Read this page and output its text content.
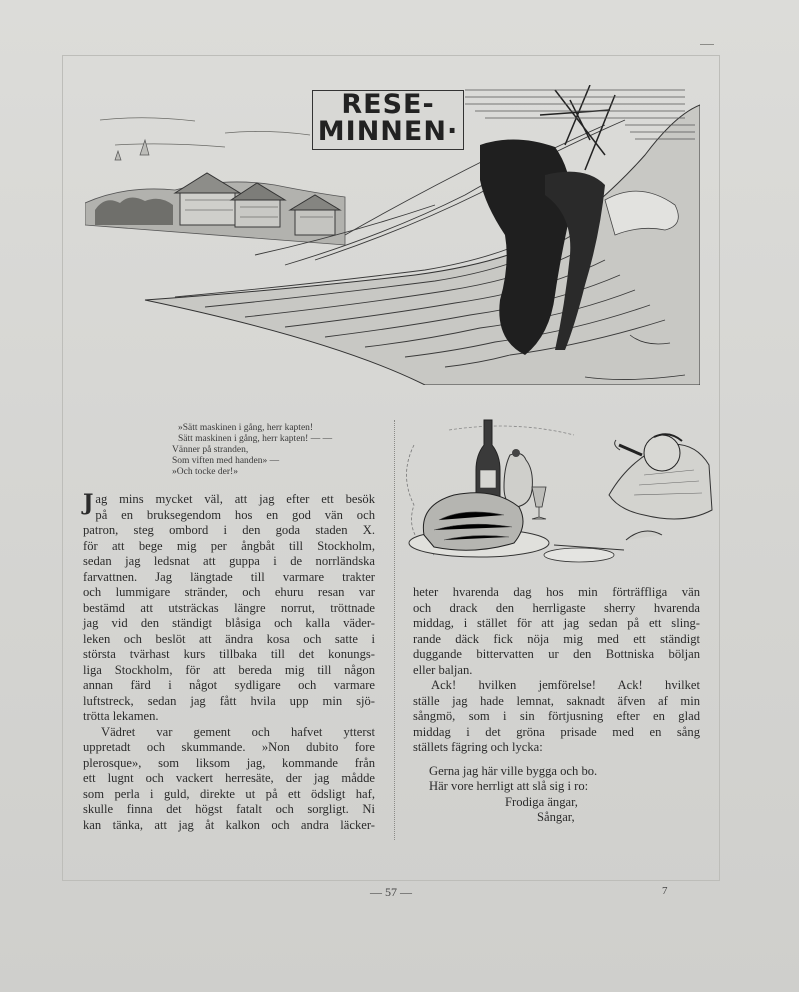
RESE-
MINNEN·
»Sätt maskinen i gång, herr kapten!
Sätt maskinen i gång, herr kapten! — —
Vänner på stranden,
Som viften med handen» —
»Och tocke der!»

J ag mins mycket väl, att jag efter ett besök
på en bruksegendom hos en god vän och
patron, steg ombord i den goda staden X.
för att bege mig per ångbåt till Stockholm,
sedan jag ledsnat att guppa i de norrländska
farvattnen. Jag längtade till varmare trakter
och lummigare stränder, och ehuru resan var
bestämd att utsträckas längre norrut, tröttnade
jag vid den ständigt blåsiga och kalla väder-
leken och beslöt att ändra kosa och satte i
största tvärhast kurs tillbaka till det konungs-
liga Stockholm, för att bereda mig till någon
annan färd i något sydligare och varmare
luftstreck, sedan jag fått hvila upp min sjö-
trötta lekamen.

Vädret var gement och hafvet ytterst
uppretadt och skummande. »Non dubito fore
plerosque», som liksom jag, kommande från
ett lugnt och vackert herresäte, der jag mådde
som perla i guld, direkte ut på ett ödsligt haf,
skulle finna det högst fatalt och sorgligt. Ni
kan tänka, att jag åt kalkon och andra läcker-

heter hvarenda dag hos min förträffliga vän
och drack den herrligaste sherry hvarenda
middag, i stället för att jag sedan på ett sling-
rande däck fick nöja mig med ett ständigt
duggande bittervatten ur den Bottniska böljan
eller baljan.

Ack! hvilken jemförelse! Ack! hvilket
ställe jag hade lemnat, saknadt äfven af min
sångmö, som i sin förtjusning efter en glad
middag i det gröna prisade med en sång
ställets fägring och lycka:

Gerna jag här ville bygga och bo.
Här vore herrligt att slå sig i ro:
Frodiga ängar,
Sångar,

— 57 —	7
